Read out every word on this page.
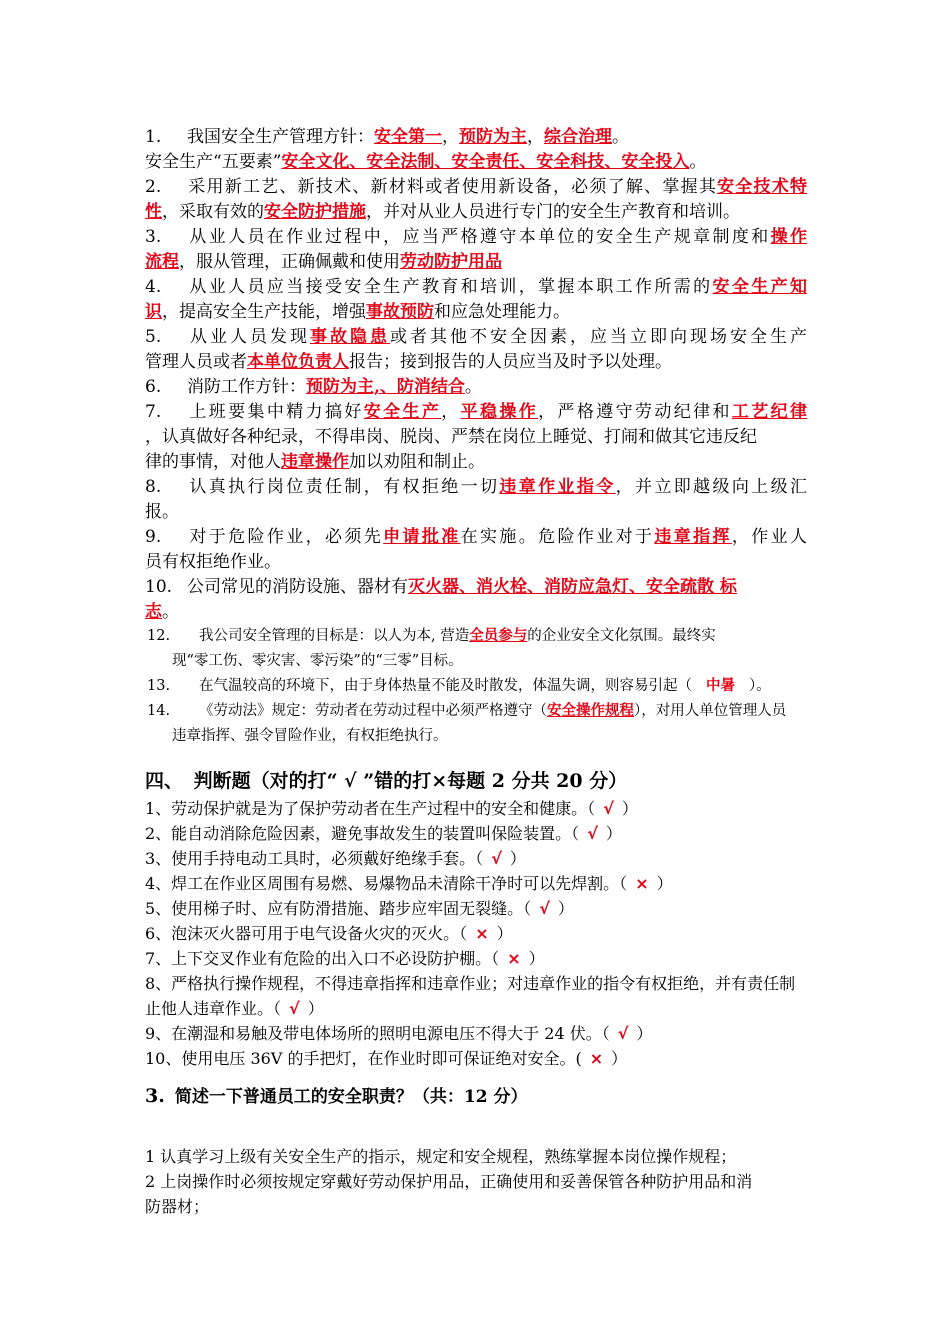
1. 我国安全生产管理方针：安全第一，预防为主，综合治理。
安全生产“五要素”安全文化、安全法制、安全责任、安全科技、安全投入。
2. 采用新工艺、新技术、新材料或者使用新设备，必须了解、掌握其安全技术特
性，采取有效的安全防护措施，并对从业人员进行专门的安全生产教育和培训。
3. 从业人员在作业过程中，应当严格遵守本单位的安全生产规章制度和操作
流程，服从管理，正确佩戴和使用劳动防护用品
4. 从业人员应当接受安全生产教育和培训，掌握本职工作所需的安全生产知
识，提高安全生产技能，增强事故预防和应急处理能力。
5. 从业人员发现事故隐患或者其他不安全因素，应当立即向现场安全生产
管理人员或者本单位负责人报告；接到报告的人员应当及时予以处理。
6. 消防工作方针：预防为主,、防消结合。
7. 上班要集中精力搞好安全生产，平稳操作，严格遵守劳动纪律和工艺纪律
，认真做好各种纪录，不得串岗、脱岗、严禁在岗位上睡觉、打闹和做其它违反纪
律的事情，对他人违章操作加以劝阻和制止。
8. 认真执行岗位责任制，有权拒绝一切违章作业指令，并立即越级向上级汇
报。
9. 对于危险作业，必须先申请批准在实施。危险作业对于违章指挥，作业人
员有权拒绝作业。
10. 公司常见的消防设施、器材有灭火器、消火栓、消防应急灯、安全疏散 标
志。
12. 我公司安全管理的目标是：以人为本, 营造全员参与的企业安全文化氛围。最终实
现“零工伤、零灾害、零污染”的“三零”目标。
13. 在气温较高的环境下，由于身体热量不能及时散发，体温失调，则容易引起（ 中暑 ）。
14. 《劳动法》规定：劳动者在劳动过程中必须严格遵守（安全操作规程），对用人单位管理人员
违章指挥、强令冒险作业，有权拒绝执行。
四、 判断题（对的打“ √ ”错的打×每题 2 分共 20 分）
1、劳动保护就是为了保护劳动者在生产过程中的安全和健康。（ √ ）
2、能自动消除危险因素，避免事故发生的装置叫保险装置。（ √ ）
3、使用手持电动工具时，必须戴好绝缘手套。（ √ ）
4、焊工在作业区周围有易燃、易爆物品未清除干净时可以先焊割。（ × ）
5、使用梯子时、应有防滑措施、踏步应牢固无裂缝。（ √ ）
6、泡沫灭火器可用于电气设备火灾的灭火。（ × ）
7、上下交叉作业有危险的出入口不必设防护棚。（ × ）
8、严格执行操作规程，不得违章指挥和违章作业；对违章作业的指令有权拒绝，并有责任制
止他人违章作业。（ √ ）
9、在潮湿和易触及带电体场所的照明电源电压不得大于 24 伏。（ √ ）
10、使用电压 36V 的手把灯，在作业时即可保证绝对安全。( × ）
3. 简述一下普通员工的安全职责？（共：12 分）
1 认真学习上级有关安全生产的指示，规定和安全规程，熟练掌握本岗位操作规程；
2 上岗操作时必须按规定穿戴好劳动保护用品，正确使用和妥善保管各种防护用品和消
防器材；
